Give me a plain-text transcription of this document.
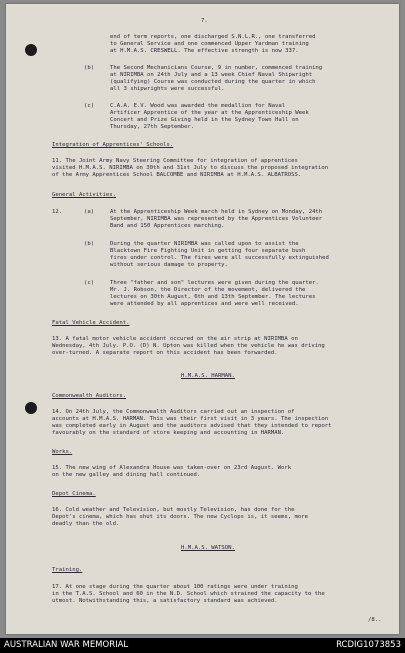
7.
end of term reports, one discharged S.N.L.R., one transferred
to General Service and one commenced Upper Yardman training
at H.M.A.S. CRESWELL. The effective strength is now 337.
(b)	The Second Mechanicians Course, 9 in number, commenced training
at NIRIMBA on 24th July and a 13 week Chief Naval Shipwright
(qualifying) Course was conducted during the quarter in which
all 3 shipwrights were successful.
(c)	C.A.A. E.V. Wood was awarded the medallion for Naval
Artificer Apprentice of the year at the Apprenticeship Week
Concert and Prize Giving held in the Sydney Town Hall on
Thursday, 27th September.
Integration of Apprentices' Schools.
11. The Joint Army Navy Steering Committee for integration of apprentices
visited H.M.A.S. NIRIMBA on 30th and 31st July to discuss the proposed integration
of the Army Apprentices School BALCOMBE and NIRIMBA at H.M.A.S. ALBATROSS.
General Activities.
12.	(a)	At the Apprenticeship Week march held in Sydney on Monday, 24th
September, NIRIMBA was represented by the Apprentices Volunteer
Band and 150 Apprentices marching.
(b)	During the quarter NIRIMBA was called upon to assist the
Blacktown Fire Fighting Unit in getting four separate bush
fires under control. The fires were all successfully extinguished
without serious damage to property.
(c)	Three "father and son" lectures were given during the quarter.
Mr. J. Robson, the Director of the movement, delivered the
lectures on 30th August, 6th and 13th September. The lectures
were attended by all apprentices and were well received.
Fatal Vehicle Accident.
13. A fatal motor vehicle accident occured on the air strip at NIRIMBA on
Wednesday, 4th July. P.O. (D) N. Upton was killed when the vehicle he was driving
over-turned. A separate report on this accident has been forwarded.
H.M.A.S. HARMAN.
Commonwealth Auditors.
14. On 24th July, the Commonwealth Auditors carried out an inspection of
accounts at H.M.A.S. HARMAN. This was their first visit in 3 years. The inspection
was completed early in August and the auditors advised that they intended to report
favourably on the standard of store keeping and accounting in HARMAN.
Works.
15. The new wing of Alexandra House was taken-over on 23rd August. Work
on the new galley and dining hall continued.
Depot Cinema.
16. Cold weather and Television, but mostly Television, has done for the
Depot's cinema, which has shut its doors. The new Cyclops is, it seems, more
deadly than the old.
H.M.A.S. WATSON.
Training.
17. At one stage during the quarter about 100 ratings were under training
in the T.A.S. School and 60 in the N.D. School which strained the capacity to the
utmost. Notwithstanding this, a satisfactory standard was achieved.
/8..
AUSTRALIAN WAR MEMORIAL	RCDIG1073853
